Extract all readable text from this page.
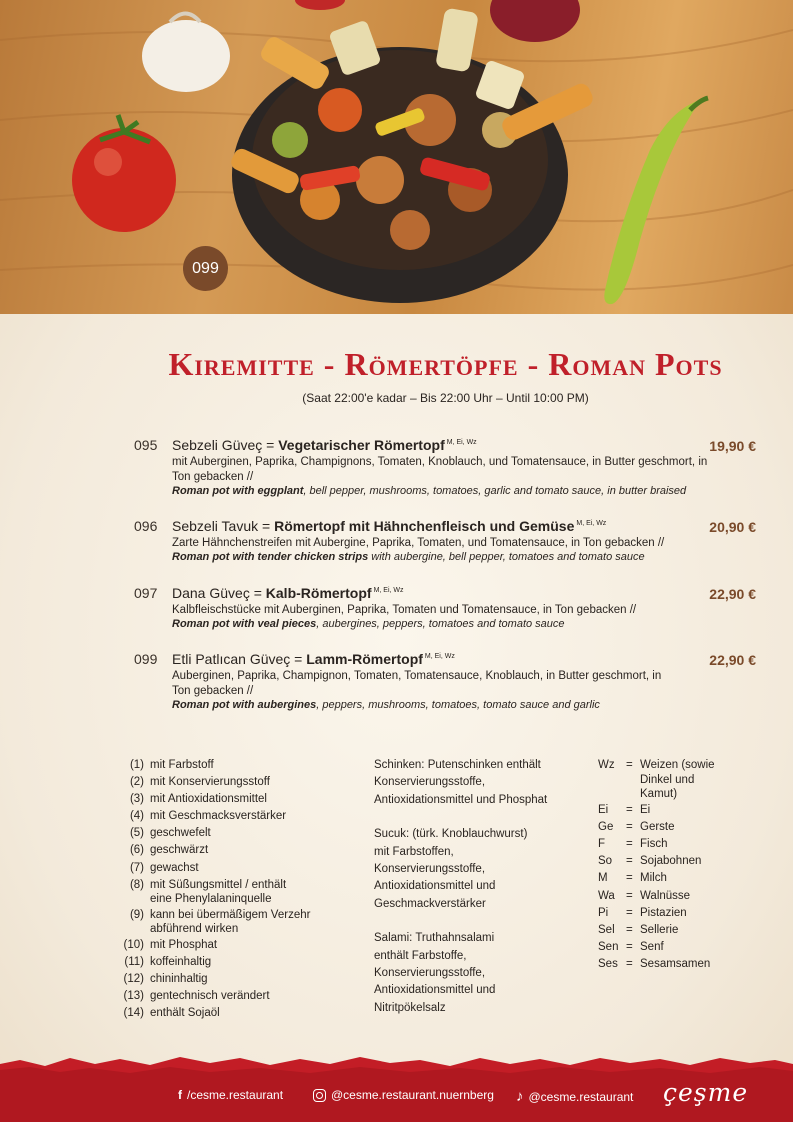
099
Kiremitte - Römertöpfe - Roman Pots
(Saat 22:00'e kadar – Bis 22:00 Uhr – Until 10:00 PM)
095 Sebzeli Güveç = Vegetarischer Römertopf $^{M, Ei, Wz}$	19,90 €
mit Auberginen, Paprika, Champignons, Tomaten, Knoblauch, und Tomatensauce, in Butter geschmort, in Ton gebacken //
Roman pot with eggplant, bell pepper, mushrooms, tomatoes, garlic and tomato sauce, in butter braised
096 Sebzeli Tavuk = Römertopf mit Hähnchenfleisch und Gemüse $^{M, Ei, Wz}$	20,90 €
Zarte Hähnchenstreifen mit Aubergine, Paprika, Tomaten, und Tomatensauce, in Ton gebacken //
Roman pot with tender chicken strips with aubergine, bell pepper, tomatoes and tomato sauce
097 Dana Güveç = Kalb-Römertopf $^{M, Ei, Wz}$	22,90 €
Kalbfleischstücke mit Auberginen, Paprika, Tomaten und Tomatensauce, in Ton gebacken //
Roman pot with veal pieces, aubergines, peppers, tomatoes and tomato sauce
099 Etli Patlıcan Güveç = Lamm-Römertopf $^{M, Ei, Wz}$	22,90 €
Auberginen, Paprika, Champignon, Tomaten, Tomatensauce, Knoblauch, in Butter geschmort, in Ton gebacken //
Roman pot with aubergines, peppers, mushrooms, tomatoes, tomato sauce and garlic
(1) mit Farbstoff
(2) mit Konservierungsstoff
(3) mit Antioxidationsmittel
(4) mit Geschmacksverstärker
(5) geschwefelt
(6) geschwärzt
(7) gewachst
(8) mit Süßungsmittel / enthält eine Phenylalaninquelle
(9) kann bei übermäßigem Verzehr abführend wirken
(10) mit Phosphat
(11) koffeinhaltig
(12) chininhaltig
(13) gentechnisch verändert
(14) enthält Sojaöl

Schinken: Putenschinken enthält Konservierungsstoffe, Antioxidationsmittel und Phosphat

Sucuk: (türk. Knoblauchwurst) mit Farbstoffen, Konservierungsstoffe, Antioxidationsmittel und Geschmackverstärker

Salami: Truthahnsalami enthält Farbstoffe, Konservierungsstoffe, Antioxidationsmittel und Nitritpökelsalz

Wz = Weizen (sowie Dinkel und Kamut)
Ei	= Ei
Ge	= Gerste
F	= Fisch
So	= Sojabohnen
M	= Milch
Wa = Walnüsse
Pi	= Pistazien
Sel = Sellerie
Sen = Senf
Ses = Sesamsamen
f /cesme.restaurant	@cesme.restaurant.nuernberg ♪ @cesme.restaurant çeşme
